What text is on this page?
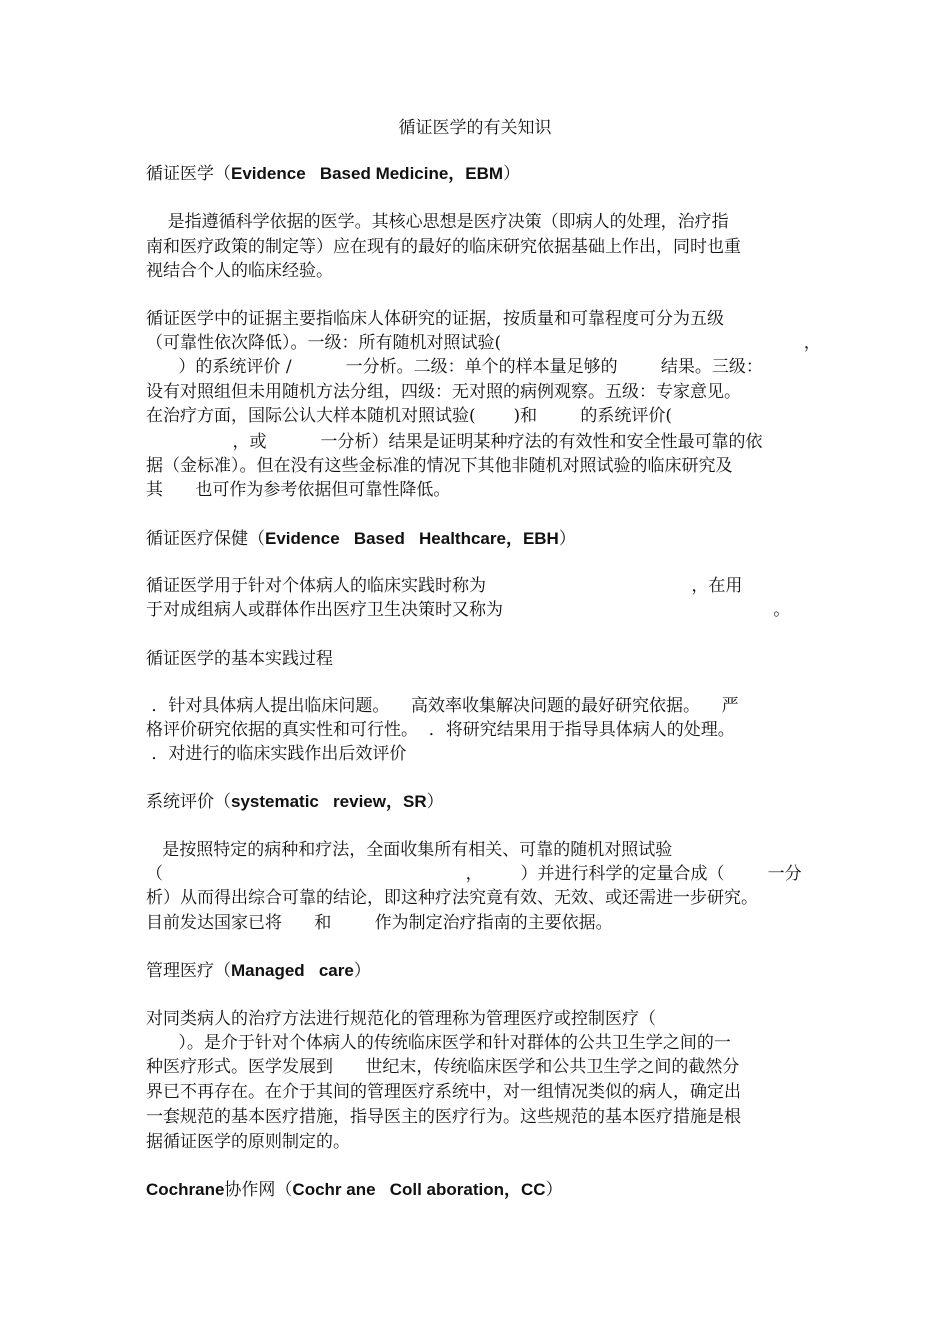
循证医学的有关知识
循证医学（Evidence   Based Medicine，EBM）
是指遵循科学依据的医学。其核心思想是医疗决策（即病人的处理，治疗指
南和医疗政策的制定等）应在现有的最好的临床研究依据基础上作出，同时也重
视结合个人的临床经验。
循证医学中的证据主要指临床人体研究的证据，按质量和可靠程度可分为五级
（可靠性依次降低）。一级：所有随机对照试验(                                                        ，
）的系统评价 /          一分析。二级：单个的样本量足够的        结果。三级：
设有对照组但未用随机方法分组，四级：无对照的病例观察。五级：专家意见。
在治疗方面，国际公认大样本随机对照试验(       )和        的系统评价(
，或          一分析）结果是证明某种疗法的有效性和安全性最可靠的依
据（金标准）。但在没有这些金标准的情况下其他非随机对照试验的临床研究及
其      也可作为参考依据但可靠性降低。
循证医疗保健（Evidence   Based   Healthcare，EBH）
循证医学用于针对个体病人的临床实践时称为                                      ，在用
于对成组病人或群体作出医疗卫生决策时又称为                                                  。
循证医学的基本实践过程
．针对具体病人提出临床问题。    高效率收集解决问题的最好研究依据。    严
格评价研究依据的真实性和可行性。  ．将研究结果用于指导具体病人的处理。
．对进行的临床实践作出后效评价
系统评价（systematic   review，SR）
是按照特定的病种和疗法，全面收集所有相关、可靠的随机对照试验
（                                                        ，       ）并进行科学的定量合成（        一分
析）从而得出综合可靠的结论，即这种疗法究竟有效、无效、或还需进一步研究。
目前发达国家已将      和        作为制定治疗指南的主要依据。
管理医疗（Managed   care）
对同类病人的治疗方法进行规范化的管理称为管理医疗或控制医疗（
）。是介于针对个体病人的传统临床医学和针对群体的公共卫生学之间的一
种医疗形式。医学发展到      世纪末，传统临床医学和公共卫生学之间的截然分
界已不再存在。在介于其间的管理医疗系统中，对一组情况类似的病人，确定出
一套规范的基本医疗措施，指导医主的医疗行为。这些规范的基本医疗措施是根
据循证医学的原则制定的。
Cochrane协作网（Cochr ane   Coll aboration，CC）
